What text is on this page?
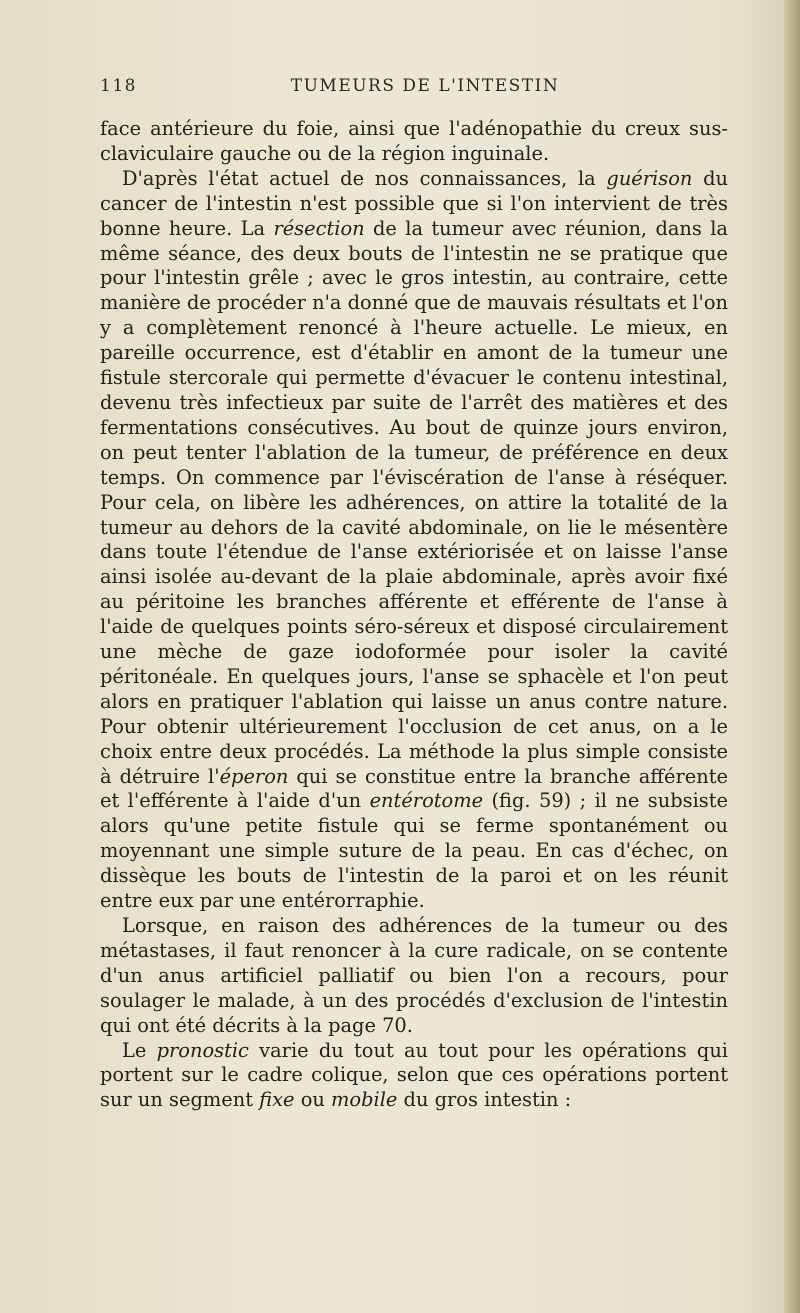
118	TUMEURS DE L'INTESTIN

face antérieure du foie, ainsi que l'adénopathie du creux sus-claviculaire gauche ou de la région inguinale.

D'après l'état actuel de nos connaissances, la guérison du cancer de l'intestin n'est possible que si l'on intervient de très bonne heure. La résection de la tumeur avec réunion, dans la même séance, des deux bouts de l'intestin ne se pratique que pour l'intestin grêle ; avec le gros intestin, au contraire, cette manière de procéder n'a donné que de mauvais résultats et l'on y a complètement renoncé à l'heure actuelle. Le mieux, en pareille occurrence, est d'établir en amont de la tumeur une fistule stercorale qui permette d'évacuer le contenu intestinal, devenu très infectieux par suite de l'arrêt des matières et des fermentations consécutives. Au bout de quinze jours environ, on peut tenter l'ablation de la tumeur, de préférence en deux temps. On commence par l'éviscération de l'anse à réséquer. Pour cela, on libère les adhérences, on attire la totalité de la tumeur au dehors de la cavité abdominale, on lie le mésentère dans toute l'étendue de l'anse extériorisée et on laisse l'anse ainsi isolée au-devant de la plaie abdominale, après avoir fixé au péritoine les branches afférente et efférente de l'anse à l'aide de quelques points séro-séreux et disposé circulairement une mèche de gaze iodoformée pour isoler la cavité péritonéale. En quelques jours, l'anse se sphacèle et l'on peut alors en pratiquer l'ablation qui laisse un anus contre nature. Pour obtenir ultérieurement l'occlusion de cet anus, on a le choix entre deux procédés. La méthode la plus simple consiste à détruire l'éperon qui se constitue entre la branche afférente et l'efférente à l'aide d'un entérotome (fig. 59) ; il ne subsiste alors qu'une petite fistule qui se ferme spontanément ou moyennant une simple suture de la peau. En cas d'échec, on dissèque les bouts de l'intestin de la paroi et on les réunit entre eux par une entérorraphie.

Lorsque, en raison des adhérences de la tumeur ou des métastases, il faut renoncer à la cure radicale, on se contente d'un anus artificiel palliatif ou bien l'on a recours, pour soulager le malade, à un des procédés d'exclusion de l'intestin qui ont été décrits à la page 70.

Le pronostic varie du tout au tout pour les opérations qui portent sur le cadre colique, selon que ces opérations portent sur un segment fixe ou mobile du gros intestin :
